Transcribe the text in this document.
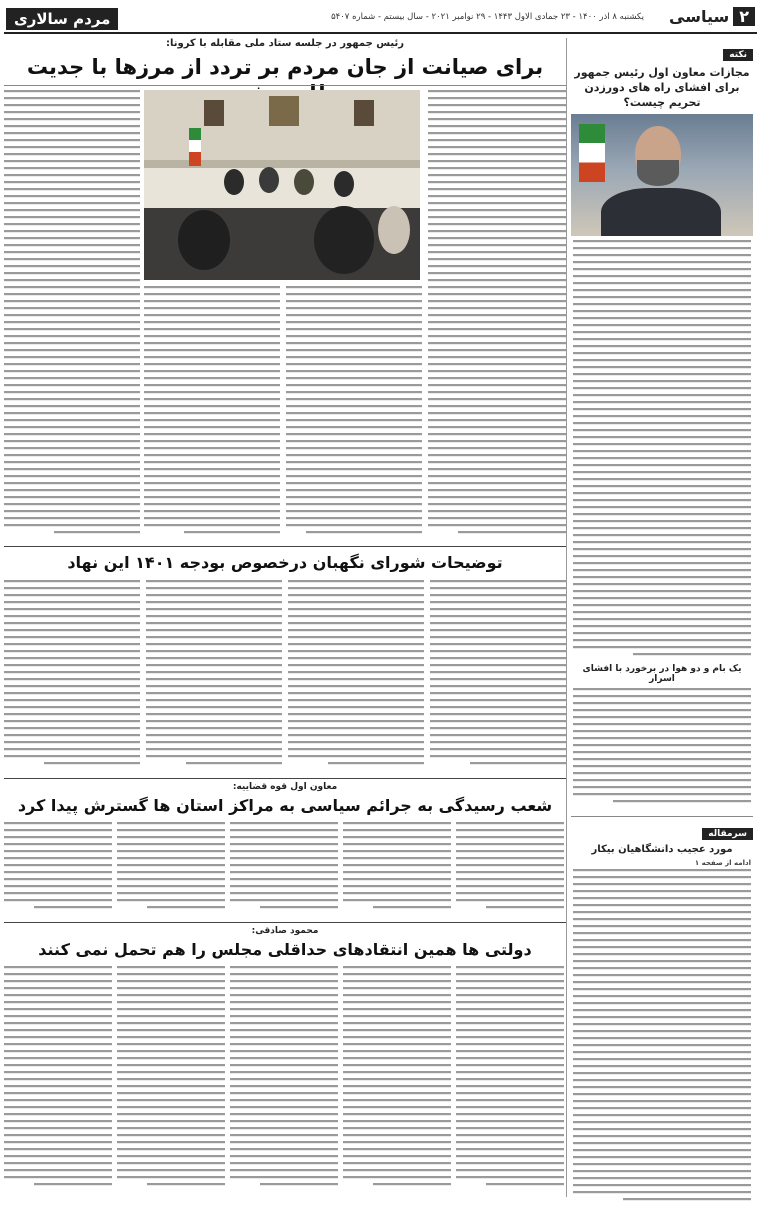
۲سیاسی
یکشنبه ۸ آذر ۱۴۰۰ - ۲۳ جمادی الاول ۱۴۴۳ - ۲۹ نوامبر ۲۰۲۱ - سال بیستم - شماره ۵۴۰۷
مردم سالاری
نکته
مجازات معاون اول رئیس جمهور برای افشای راه های دورزدن تحریم چیست؟
یک بام و دو هوا در برخورد با افشای اسرار
سرمقاله
مورد عجیب دانشگاهیان بیکار
ادامه از صفحه ۱
رئیس جمهور در جلسه ستاد ملی مقابله با کرونا:
برای صیانت از جان مردم بر تردد از مرزها با جدیت
توضیحات شورای نگهبان درخصوص بودجه ۱۴۰۱ این نهاد
معاون اول قوه قضاییه:
شعب رسیدگی به جرائم سیاسی به مراکز استان ها گسترش پیدا کرد
محمود صادقی:
دولتی ها همین انتقادهای حداقلی مجلس را هم تحمل نمی کنند
